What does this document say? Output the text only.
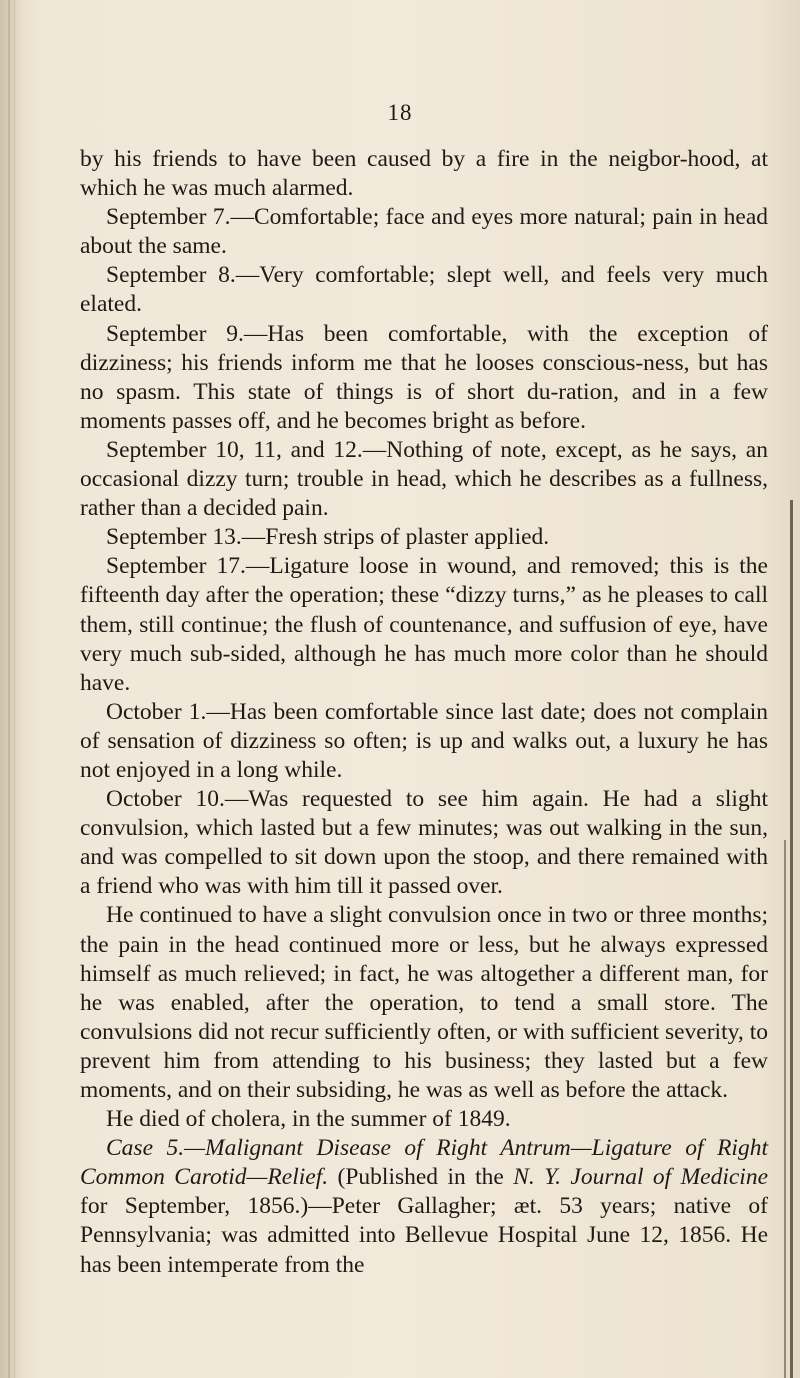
18

by his friends to have been caused by a fire in the neigbor-hood, at which he was much alarmed.

September 7.—Comfortable; face and eyes more natural; pain in head about the same.

September 8.—Very comfortable; slept well, and feels very much elated.

September 9.—Has been comfortable, with the exception of dizziness; his friends inform me that he looses conscious-ness, but has no spasm. This state of things is of short du-ration, and in a few moments passes off, and he becomes bright as before.

September 10, 11, and 12.—Nothing of note, except, as he says, an occasional dizzy turn; trouble in head, which he describes as a fullness, rather than a decided pain.

September 13.—Fresh strips of plaster applied.

September 17.—Ligature loose in wound, and removed; this is the fifteenth day after the operation; these “dizzy turns,” as he pleases to call them, still continue; the flush of countenance, and suffusion of eye, have very much sub-sided, although he has much more color than he should have.

October 1.—Has been comfortable since last date; does not complain of sensation of dizziness so often; is up and walks out, a luxury he has not enjoyed in a long while.

October 10.—Was requested to see him again. He had a slight convulsion, which lasted but a few minutes; was out walking in the sun, and was compelled to sit down upon the stoop, and there remained with a friend who was with him till it passed over.

He continued to have a slight convulsion once in two or three months; the pain in the head continued more or less, but he always expressed himself as much relieved; in fact, he was altogether a different man, for he was enabled, after the operation, to tend a small store. The convulsions did not recur sufficiently often, or with sufficient severity, to prevent him from attending to his business; they lasted but a few moments, and on their subsiding, he was as well as before the attack.

He died of cholera, in the summer of 1849.

Case 5.—Malignant Disease of Right Antrum—Ligature of Right Common Carotid—Relief. (Published in the N. Y. Journal of Medicine for September, 1856.)—Peter Gallagher; æt. 53 years; native of Pennsylvania; was admitted into Bellevue Hospital June 12, 1856. He has been intemperate from the
